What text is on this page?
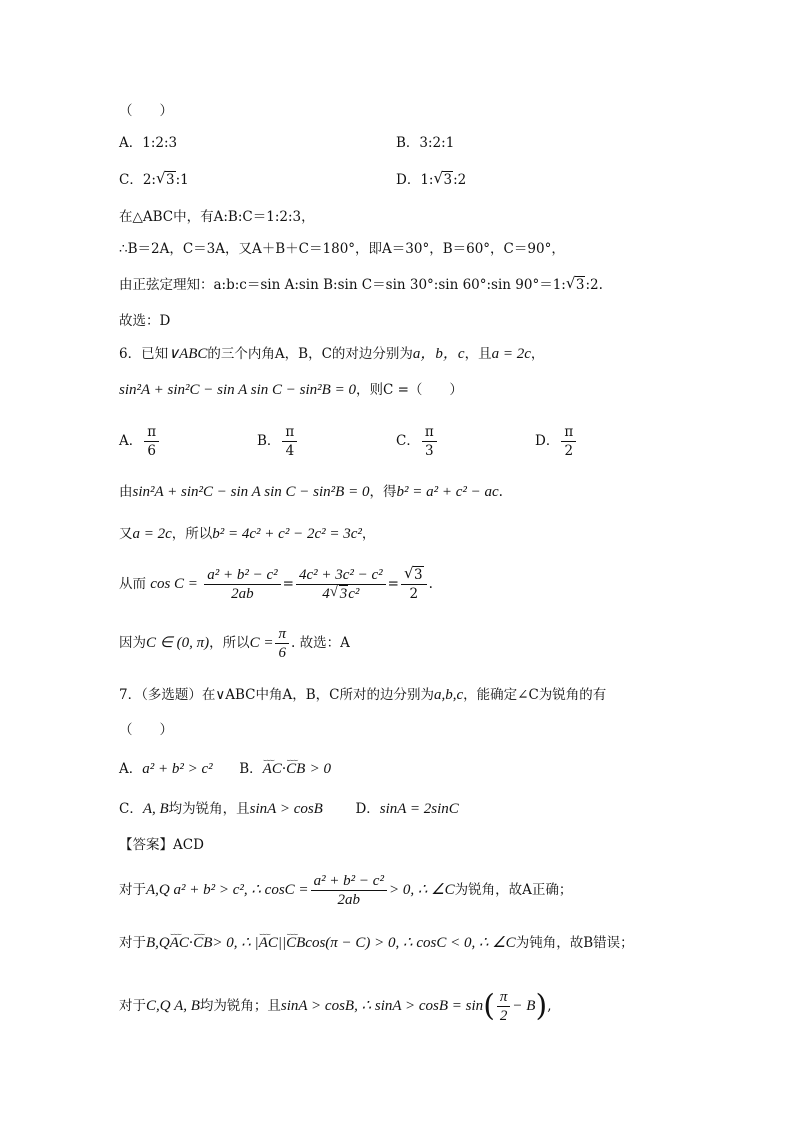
（　　）
A．1:2:3	B．3:2:1
C．2: √ 3:1	D．1: √ 3:2
在△ABC中，有A:B:C＝1:2:3，
∴B＝2A，C＝3A，又A＋B＋C＝180°，即A＝30°，B＝60°，C＝90°，
由正弦定理知：a:b:c＝sin A:sin B:sin C＝sin 30°:sin 60°:sin 90°＝1: √ 3:2.
故选：D
6．已知∨ABC的三个内角A，B，C的对边分别为a，b，c，且a = 2c，
sin²A + sin²C − sin A sin C − sin²B = 0，则C =（　　）
A． $\frac{\pi}{6}$	B． $\frac{\pi}{4}$	C． $\frac{\pi}{3}$	D． $\frac{\pi}{2}$
由sin²A + sin²C − sin A sin C − sin²B = 0，得b² = a² + c² − ac.
又a = 2c，所以b² = 4c² + c² − 2c² = 3c²，
从而 $\cos C = \frac{\text{a² + b² − c²}}{2ab} = \frac{\text{4c² + 3c² − c²}}{\text{4 √ 3c²}}$ = √ $\frac{3}{2}$ .
因为C ∈ (0, π)，所以$C = \frac{\pi}{6}$ . 故选：A
7．（多选题）在∨ABC中角A，B，C所对的边分别为a,b,c，能确定∠C为锐角的有
（　　）
A．a² + b² > c² B．⌣⌣⌣ AC·⌣⌣⌣ CB > 0
C．A, B均为锐角，且sinA > cosB D．sinA = 2sinC
【答案】ACD
对于A,Q a² + b² > c², ∴ $\cos C = \frac{\text{a² + b² − c²}}{2ab} > 0$, ∴ ∠C为锐角，故A正确；
对于B,Q⌣⌣⌣ AC·⌣⌣⌣ CB> 0, ∴ |⌣⌣⌣ AC||⌣⌣⌣ CBcos(π − C) > 0, ∴ cosC < 0, ∴ ∠C为钝角，故B错误；
对于C,Q A, B均为锐角；且sinA > cosB, ∴ $\sin A > \cos B = \sin( \frac{\pi}{2} - B)$,
